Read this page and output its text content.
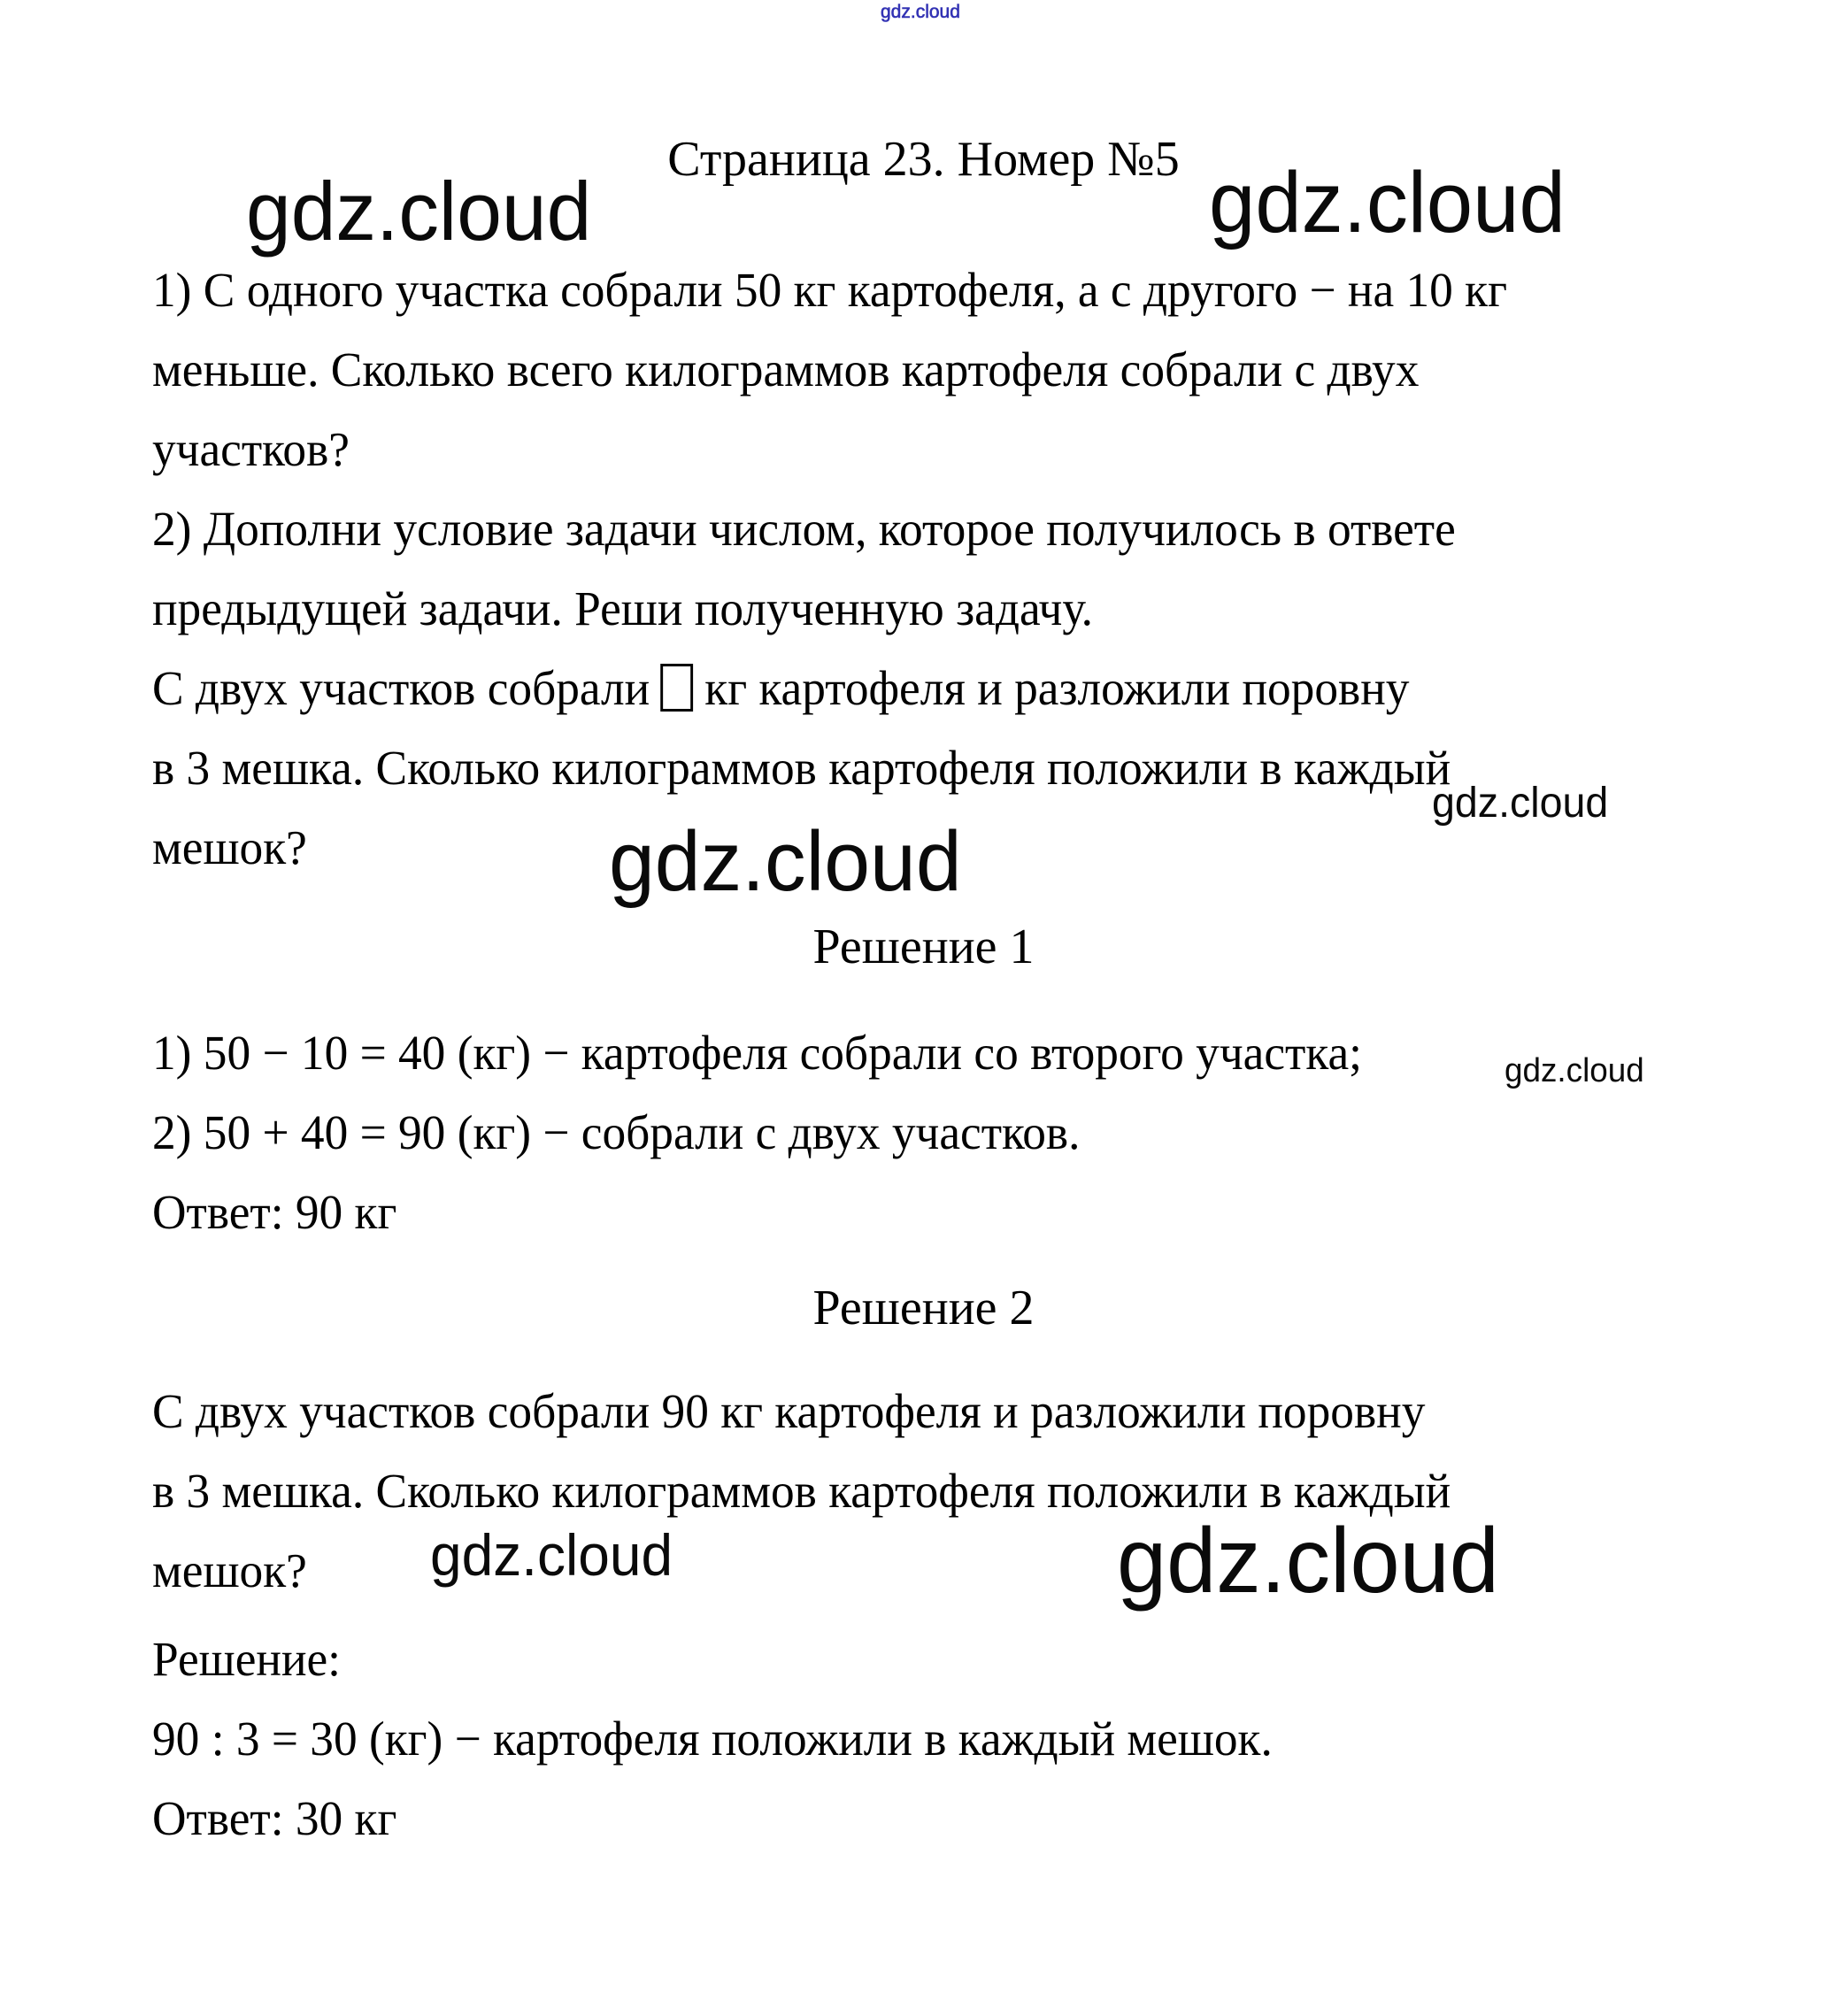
gdz.cloud
gdz.cloud	gdz.cloud
gdz.cloud
gdz.cloud
gdz.cloud
gdz.cloud	gdz.cloud
Страница 23. Номер №5
1) С одного участка собрали 50 кг картофеля, а с другого − на 10 кг
меньше. Сколько всего килограммов картофеля собрали с двух
участков?
2) Дополни условие задачи числом, которое получилось в ответе
предыдущей задачи. Реши полученную задачу.
С двух участков собрали кг картофеля и разложили поровну
в 3 мешка. Сколько килограммов картофеля положили в каждый
мешок?
Решение 1
1) 50 − 10 = 40 (кг) − картофеля собрали со второго участка;
2) 50 + 40 = 90 (кг) − собрали с двух участков.
Ответ: 90 кг
Решение 2
С двух участков собрали 90 кг картофеля и разложили поровну
в 3 мешка. Сколько килограммов картофеля положили в каждый
мешок?
Решение:
90 : 3 = 30 (кг) − картофеля положили в каждый мешок.
Ответ: 30 кг
